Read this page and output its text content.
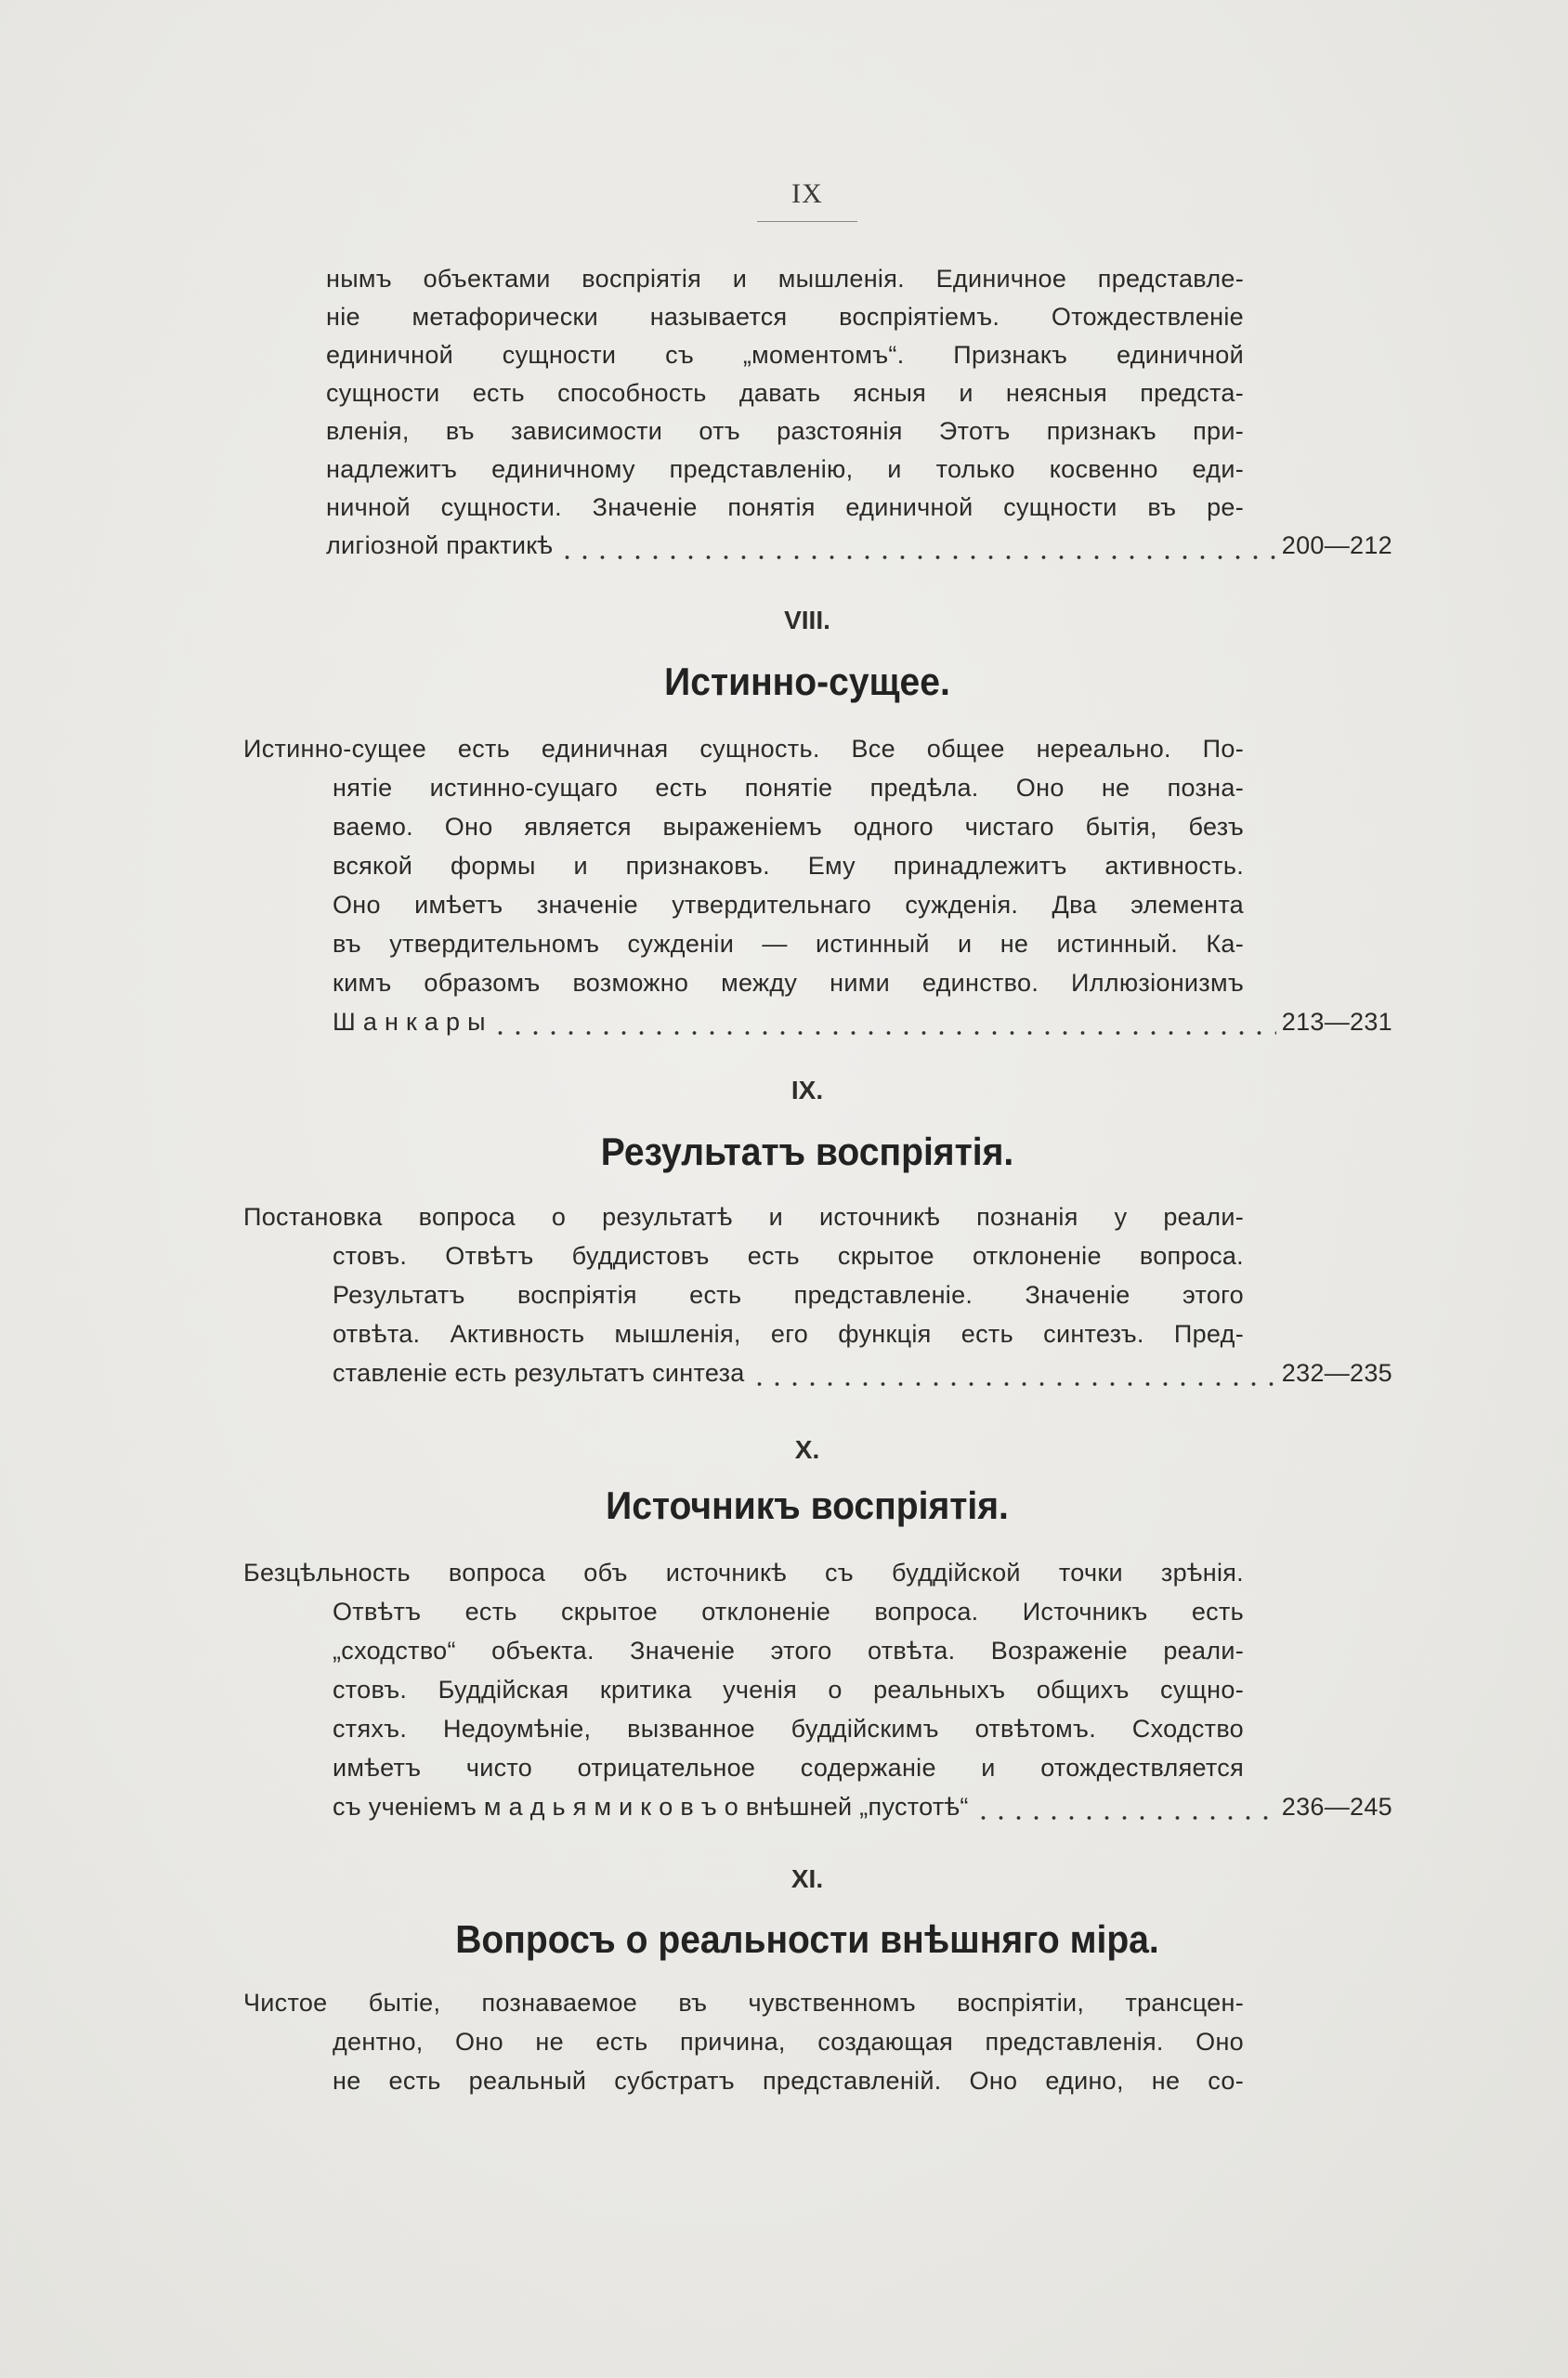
IX
нымъ объектами воспріятія и мышленія. Единичное представле-
ніе метафорически называется воспріятіемъ. Отождествленіе
единичной сущности съ „моментомъ“. Признакъ единичной
сущности есть способность давать ясныя и неясныя предста-
вленія, въ зависимости отъ разстоянія Этотъ признакъ при-
надлежитъ единичному представленію, и только косвенно еди-
ничной сущности. Значеніе понятія единичной сущности въ ре-
лигіозной практикѣ	200—212
VIII.
Истинно-сущее.
Истинно-сущее есть единичная сущность. Все общее нереально. По-
нятіе истинно-сущаго есть понятіе предѣла. Оно не позна-
ваемо. Оно является выраженіемъ одного чистаго бытія, безъ
всякой формы и признаковъ. Ему принадлежитъ активность.
Оно имѣетъ значеніе утвердительнаго сужденія. Два элемента
въ утвердительномъ сужденіи — истинный и не истинный. Ка-
кимъ образомъ возможно между ними единство. Иллюзіонизмъ
Ш а н к а р ы	213—231
IX.
Результатъ воспріятія.
Постановка вопроса о результатѣ и источникѣ познанія у реали-
стовъ. Отвѣтъ буддистовъ есть скрытое отклоненіе вопроса.
Результатъ воспріятія есть представленіе. Значеніе этого
отвѣта. Активность мышленія, его функція есть синтезъ. Пред-
ставленіе есть результатъ синтеза	232—235
X.
Источникъ воспріятія.
Безцѣльность вопроса объ источникѣ съ буддійской точки зрѣнія.
Отвѣтъ есть скрытое отклоненіе вопроса. Источникъ есть
„сходство“ объекта. Значеніе этого отвѣта. Возраженіе реали-
стовъ. Буддійская критика ученія о реальныхъ общихъ сущно-
стяхъ. Недоумѣніе, вызванное буддійскимъ отвѣтомъ. Сходство
имѣетъ чисто отрицательное содержаніе и отождествляется
съ ученіемъ м а д ь я м и к о в ъ о внѣшней „пустотѣ“	236—245
XI.
Вопросъ о реальности внѣшняго міра.
Чистое бытіе, познаваемое въ чувственномъ воспріятіи, трансцен-
дентно, Оно не есть причина, создающая представленія. Оно
не есть реальный субстратъ представленій. Оно едино, не со-
